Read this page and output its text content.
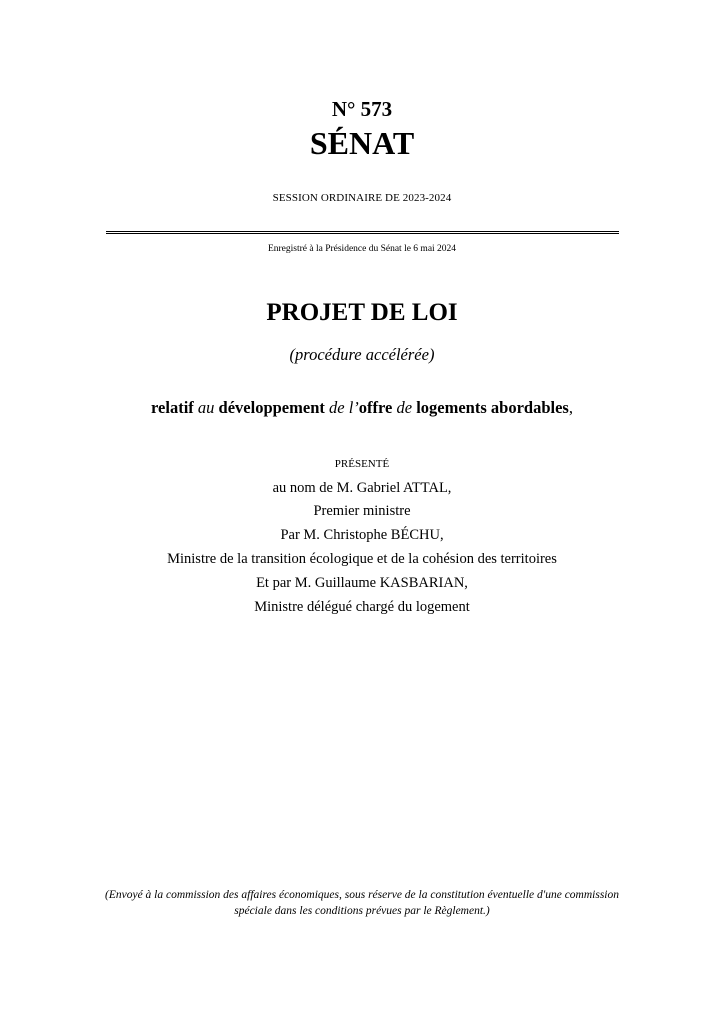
N° 573
SÉNAT
SESSION ORDINAIRE DE 2023-2024
Enregistré à la Présidence du Sénat le 6 mai 2024
PROJET DE LOI
(procédure accélérée)
relatif au développement de l’offre de logements abordables,
PRÉSENTÉ
au nom de M. Gabriel ATTAL,
Premier ministre
Par M. Christophe BÉCHU,
Ministre de la transition écologique et de la cohésion des territoires
Et par M. Guillaume KASBARIAN,
Ministre délégué chargé du logement
(Envoyé à la commission des affaires économiques, sous réserve de la constitution éventuelle d'une commission
spéciale dans les conditions prévues par le Règlement.)
